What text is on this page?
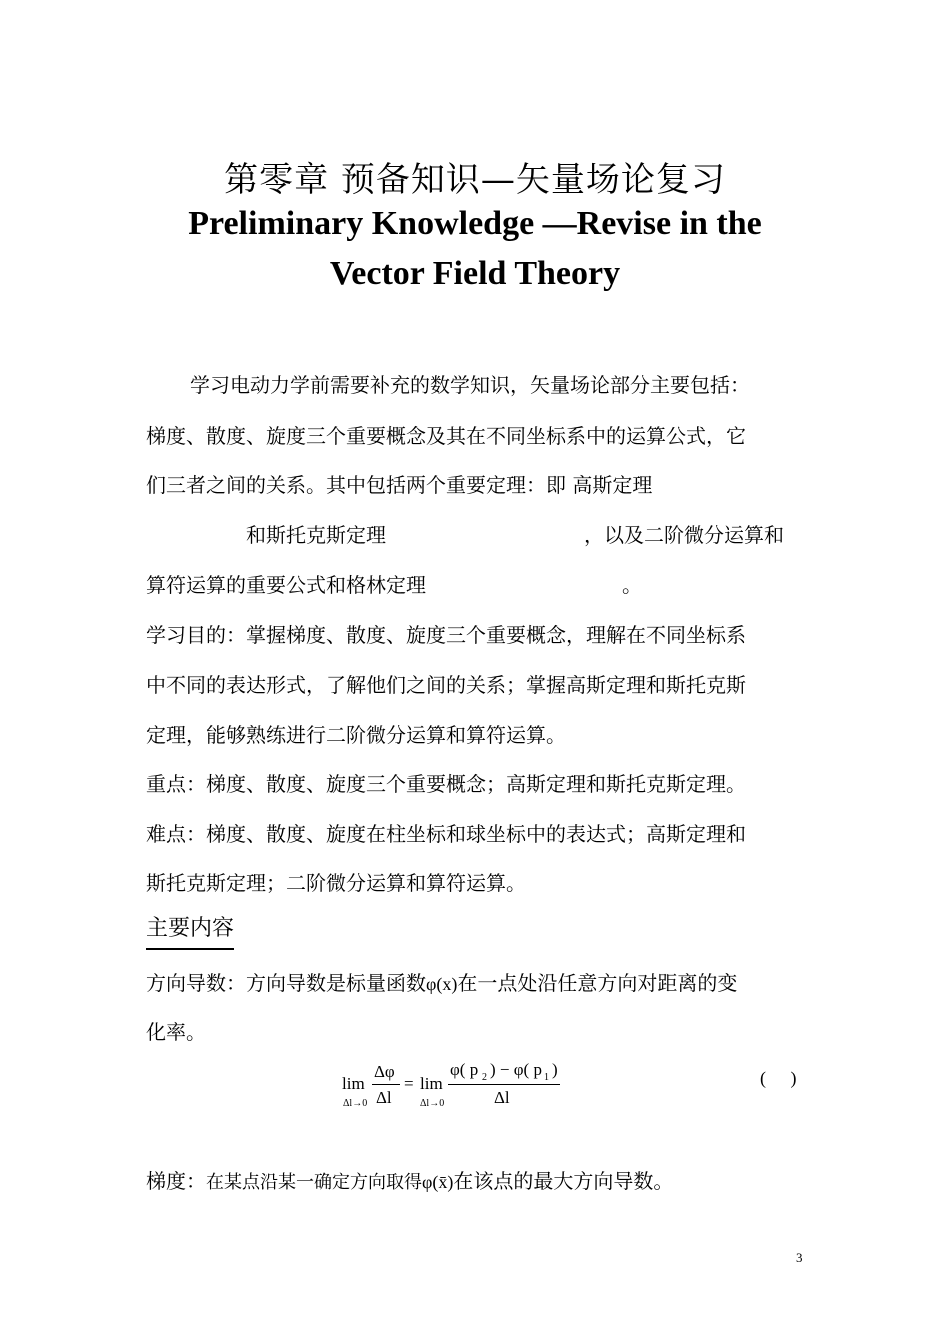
第零章 预备知识—矢量场论复习
Preliminary Knowledge —Revise in the
Vector Field Theory
学习电动力学前需要补充的数学知识，矢量场论部分主要包括：
梯度、散度、旋度三个重要概念及其在不同坐标系中的运算公式，它
们三者之间的关系。其中包括两个重要定理：即 高斯定理
和斯托克斯定理	，以及二阶微分运算和
算符运算的重要公式和格林定理	。
学习目的：掌握梯度、散度、旋度三个重要概念，理解在不同坐标系
中不同的表达形式，了解他们之间的关系；掌握高斯定理和斯托克斯
定理，能够熟练进行二阶微分运算和算符运算。
重点：梯度、散度、旋度三个重要概念；高斯定理和斯托克斯定理。
难点：梯度、散度、旋度在柱坐标和球坐标中的表达式；高斯定理和
斯托克斯定理；二阶微分运算和算符运算。
主要内容
方向导数：方向导数是标量函数φ(x)在一点处沿任意方向对距离的变
化率。
lim
Δl→0
Δφ
Δl
= lim
Δl→0
φ( p 2 ) − φ( p 1 )
Δl
( )
梯度：在某点沿某一确定方向取得φ(x̄)在该点的最大方向导数。
3
